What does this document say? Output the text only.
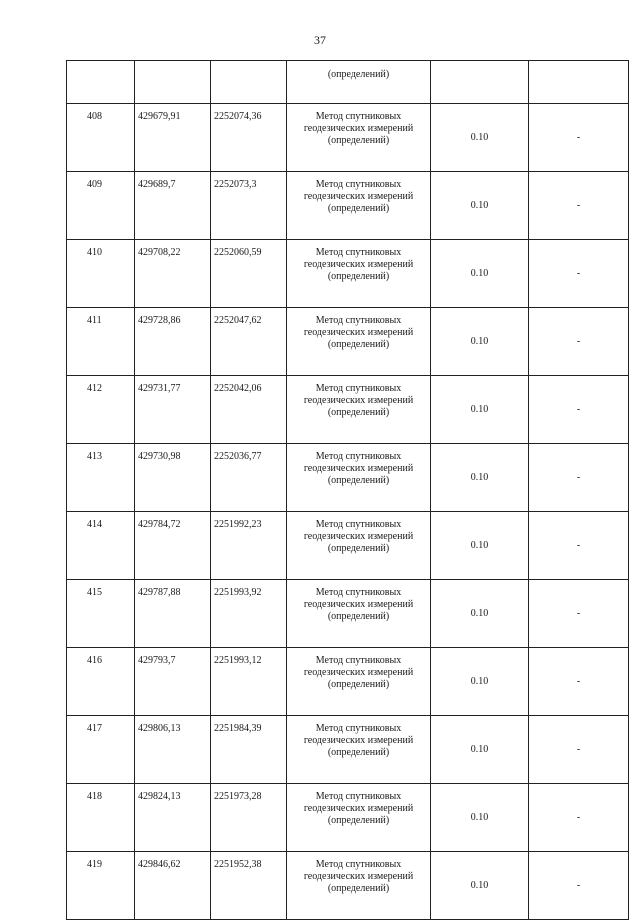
37
			(определений)		
408	429679,91	2252074,36	Метод спутниковых
геодезических измерений
(определений)	0.10	-
409	429689,7	2252073,3	Метод спутниковых
геодезических измерений
(определений)	0.10	-
410	429708,22	2252060,59	Метод спутниковых
геодезических измерений
(определений)	0.10	-
411	429728,86	2252047,62	Метод спутниковых
геодезических измерений
(определений)	0.10	-
412	429731,77	2252042,06	Метод спутниковых
геодезических измерений
(определений)	0.10	-
413	429730,98	2252036,77	Метод спутниковых
геодезических измерений
(определений)	0.10	-
414	429784,72	2251992,23	Метод спутниковых
геодезических измерений
(определений)	0.10	-
415	429787,88	2251993,92	Метод спутниковых
геодезических измерений
(определений)	0.10	-
416	429793,7	2251993,12	Метод спутниковых
геодезических измерений
(определений)	0.10	-
417	429806,13	2251984,39	Метод спутниковых
геодезических измерений
(определений)	0.10	-
418	429824,13	2251973,28	Метод спутниковых
геодезических измерений
(определений)	0.10	-
419	429846,62	2251952,38	Метод спутниковых
геодезических измерений
(определений)	0.10	-
